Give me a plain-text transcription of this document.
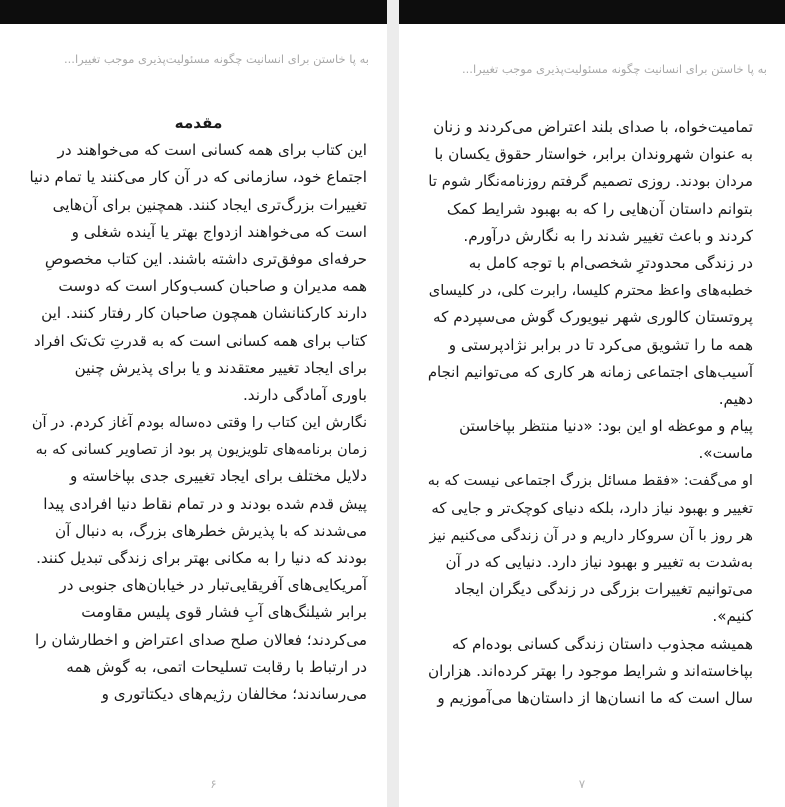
به پا خاستن برای انسانیت چگونه مسئولیت‌پذیری موجب تغییرا...
مقدمه
این کتاب برای همه کسانی است که می‌خواهند در
اجتماع خود، سازمانی که در آن کار می‌کنند یا تمام دنیا
تغییرات بزرگ‌تری ایجاد کنند. همچنین برای آن‌هایی
است که می‌خواهند ازدواج بهتر یا آینده شغلی و
حرفه‌ای موفق‌تری داشته باشند. این کتاب مخصوصِ
همه مدیران و صاحبان کسب‌وکار است که دوست
دارند کارکنانشان همچون صاحبان کار رفتار کنند. این
کتاب برای همه کسانی است که به قدرتِ تک‌تک افراد
برای ایجاد تغییر معتقدند و یا برای پذیرش چنین
باوری آمادگی دارند.
نگارش این کتاب را وقتی ده‌ساله بودم آغاز کردم. در آن
زمان برنامه‌های تلویزیون پر بود از تصاویر کسانی که به
دلایل مختلف برای ایجاد تغییری جدی بپاخاسته و
پیش قدم شده بودند و در تمام نقاط دنیا افرادی پیدا
می‌شدند که با پذیرش خطرهای بزرگ، به دنبال آن
بودند که دنیا را به مکانی بهتر برای زندگی تبدیل کنند.
آمریکایی‌های آفریقایی‌تبار در خیابان‌های جنوبی در
برابر شیلنگ‌های آبِ فشار قوی پلیس مقاومت
می‌کردند؛ فعالان صلح صدای اعتراض و اخطارشان را
در ارتباط با رقابت تسلیحات اتمی، به گوش همه
می‌رساندند؛ مخالفان رژیم‌های دیکتاتوری و
۶
به پا خاستن برای انسانیت چگونه مسئولیت‌پذیری موجب تغییرا...
تمامیت‌خواه، با صدای بلند اعتراض می‌کردند و زنان
به عنوان شهروندان برابر، خواستار حقوق یکسان با
مردان بودند. روزی تصمیم گرفتم روزنامه‌نگار شوم تا
بتوانم داستان آن‌هایی را که به بهبود شرایط کمک
کردند و باعث تغییر شدند را به نگارش درآورم.
در زندگی محدودترِ شخصی‌ام با توجه کامل به
خطبه‌های واعظ محترم کلیسا، رابرت کلی، در کلیسای
پروتستان کالوری شهر نیویورک گوش می‌سپردم که
همه ما را تشویق می‌کرد تا در برابر نژادپرستی و
آسیب‌های اجتماعی زمانه هر کاری که می‌توانیم انجام
دهیم.
پیام و موعظه او این بود: «دنیا منتظر بپاخاستن
ماست».
او می‌گفت: «فقط مسائل بزرگ اجتماعی نیست که به
تغییر و بهبود نیاز دارد، بلکه دنیای کوچک‌تر و جایی که
هر روز با آن سروکار داریم و در آن زندگی می‌کنیم نیز
به‌شدت به تغییر و بهبود نیاز دارد. دنیایی که در آن
می‌توانیم تغییرات بزرگی در زندگی دیگران ایجاد
کنیم».
همیشه مجذوب داستان زندگی کسانی بوده‌ام که
بپاخاسته‌اند و شرایط موجود را بهتر کرده‌اند. هزاران
سال است که ما انسان‌ها از داستان‌ها می‌آموزیم و
۷
